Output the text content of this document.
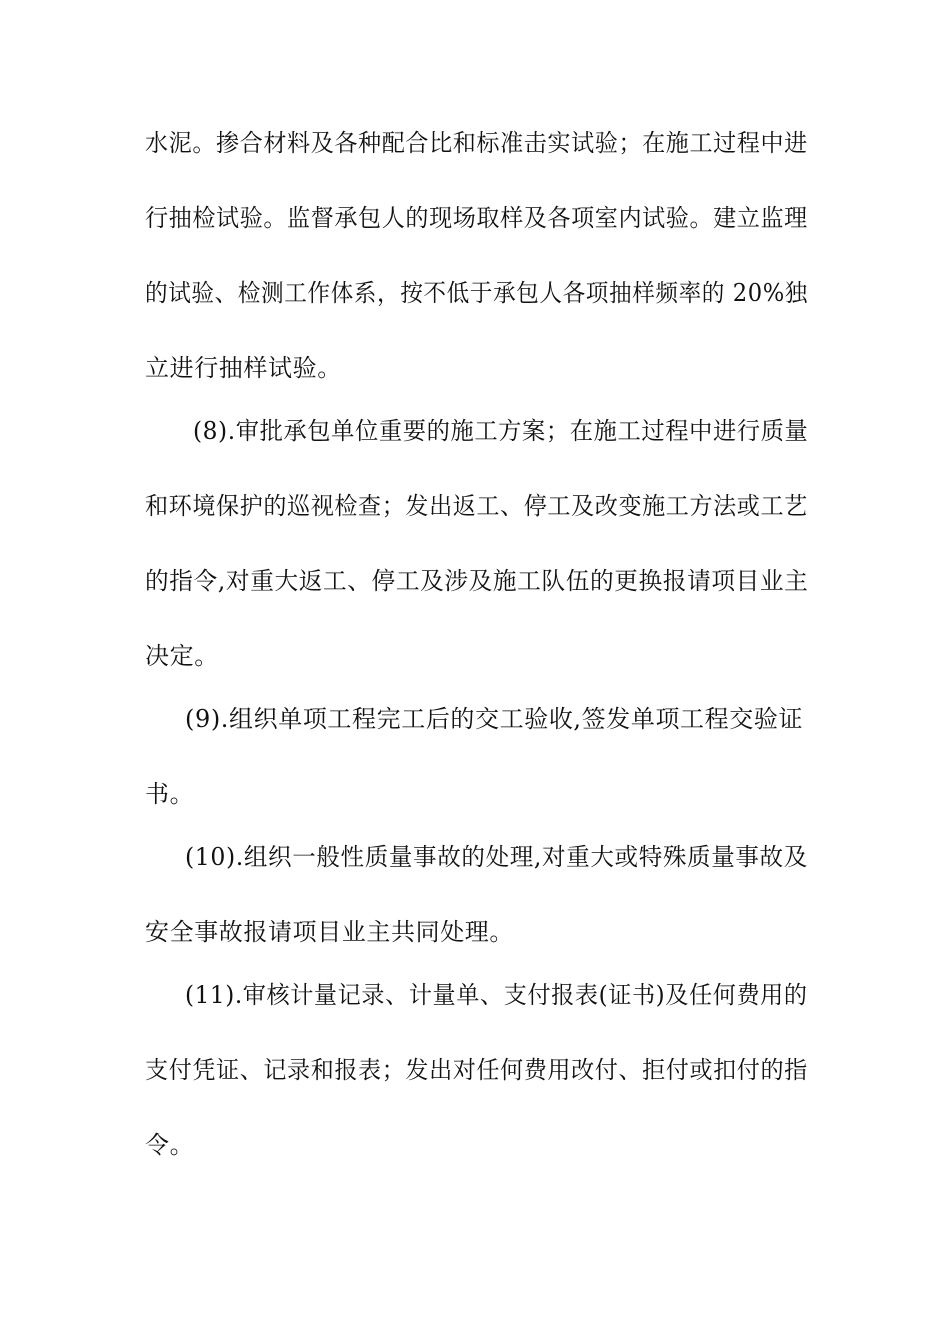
水泥。掺合材料及各种配合比和标准击实试验；在施工过程中进
行抽检试验。监督承包人的现场取样及各项室内试验。建立监理
的试验、检测工作体系，按不低于承包人各项抽样频率的 20%独
立进行抽样试验。
(8).审批承包单位重要的施工方案；在施工过程中进行质量
和环境保护的巡视检查；发出返工、停工及改变施工方法或工艺
的指令,对重大返工、停工及涉及施工队伍的更换报请项目业主
决定。
(9).组织单项工程完工后的交工验收,签发单项工程交验证
书。
(10).组织一般性质量事故的处理,对重大或特殊质量事故及
安全事故报请项目业主共同处理。
(11).审核计量记录、计量单、支付报表(证书)及任何费用的
支付凭证、记录和报表；发出对任何费用改付、拒付或扣付的指
令。
